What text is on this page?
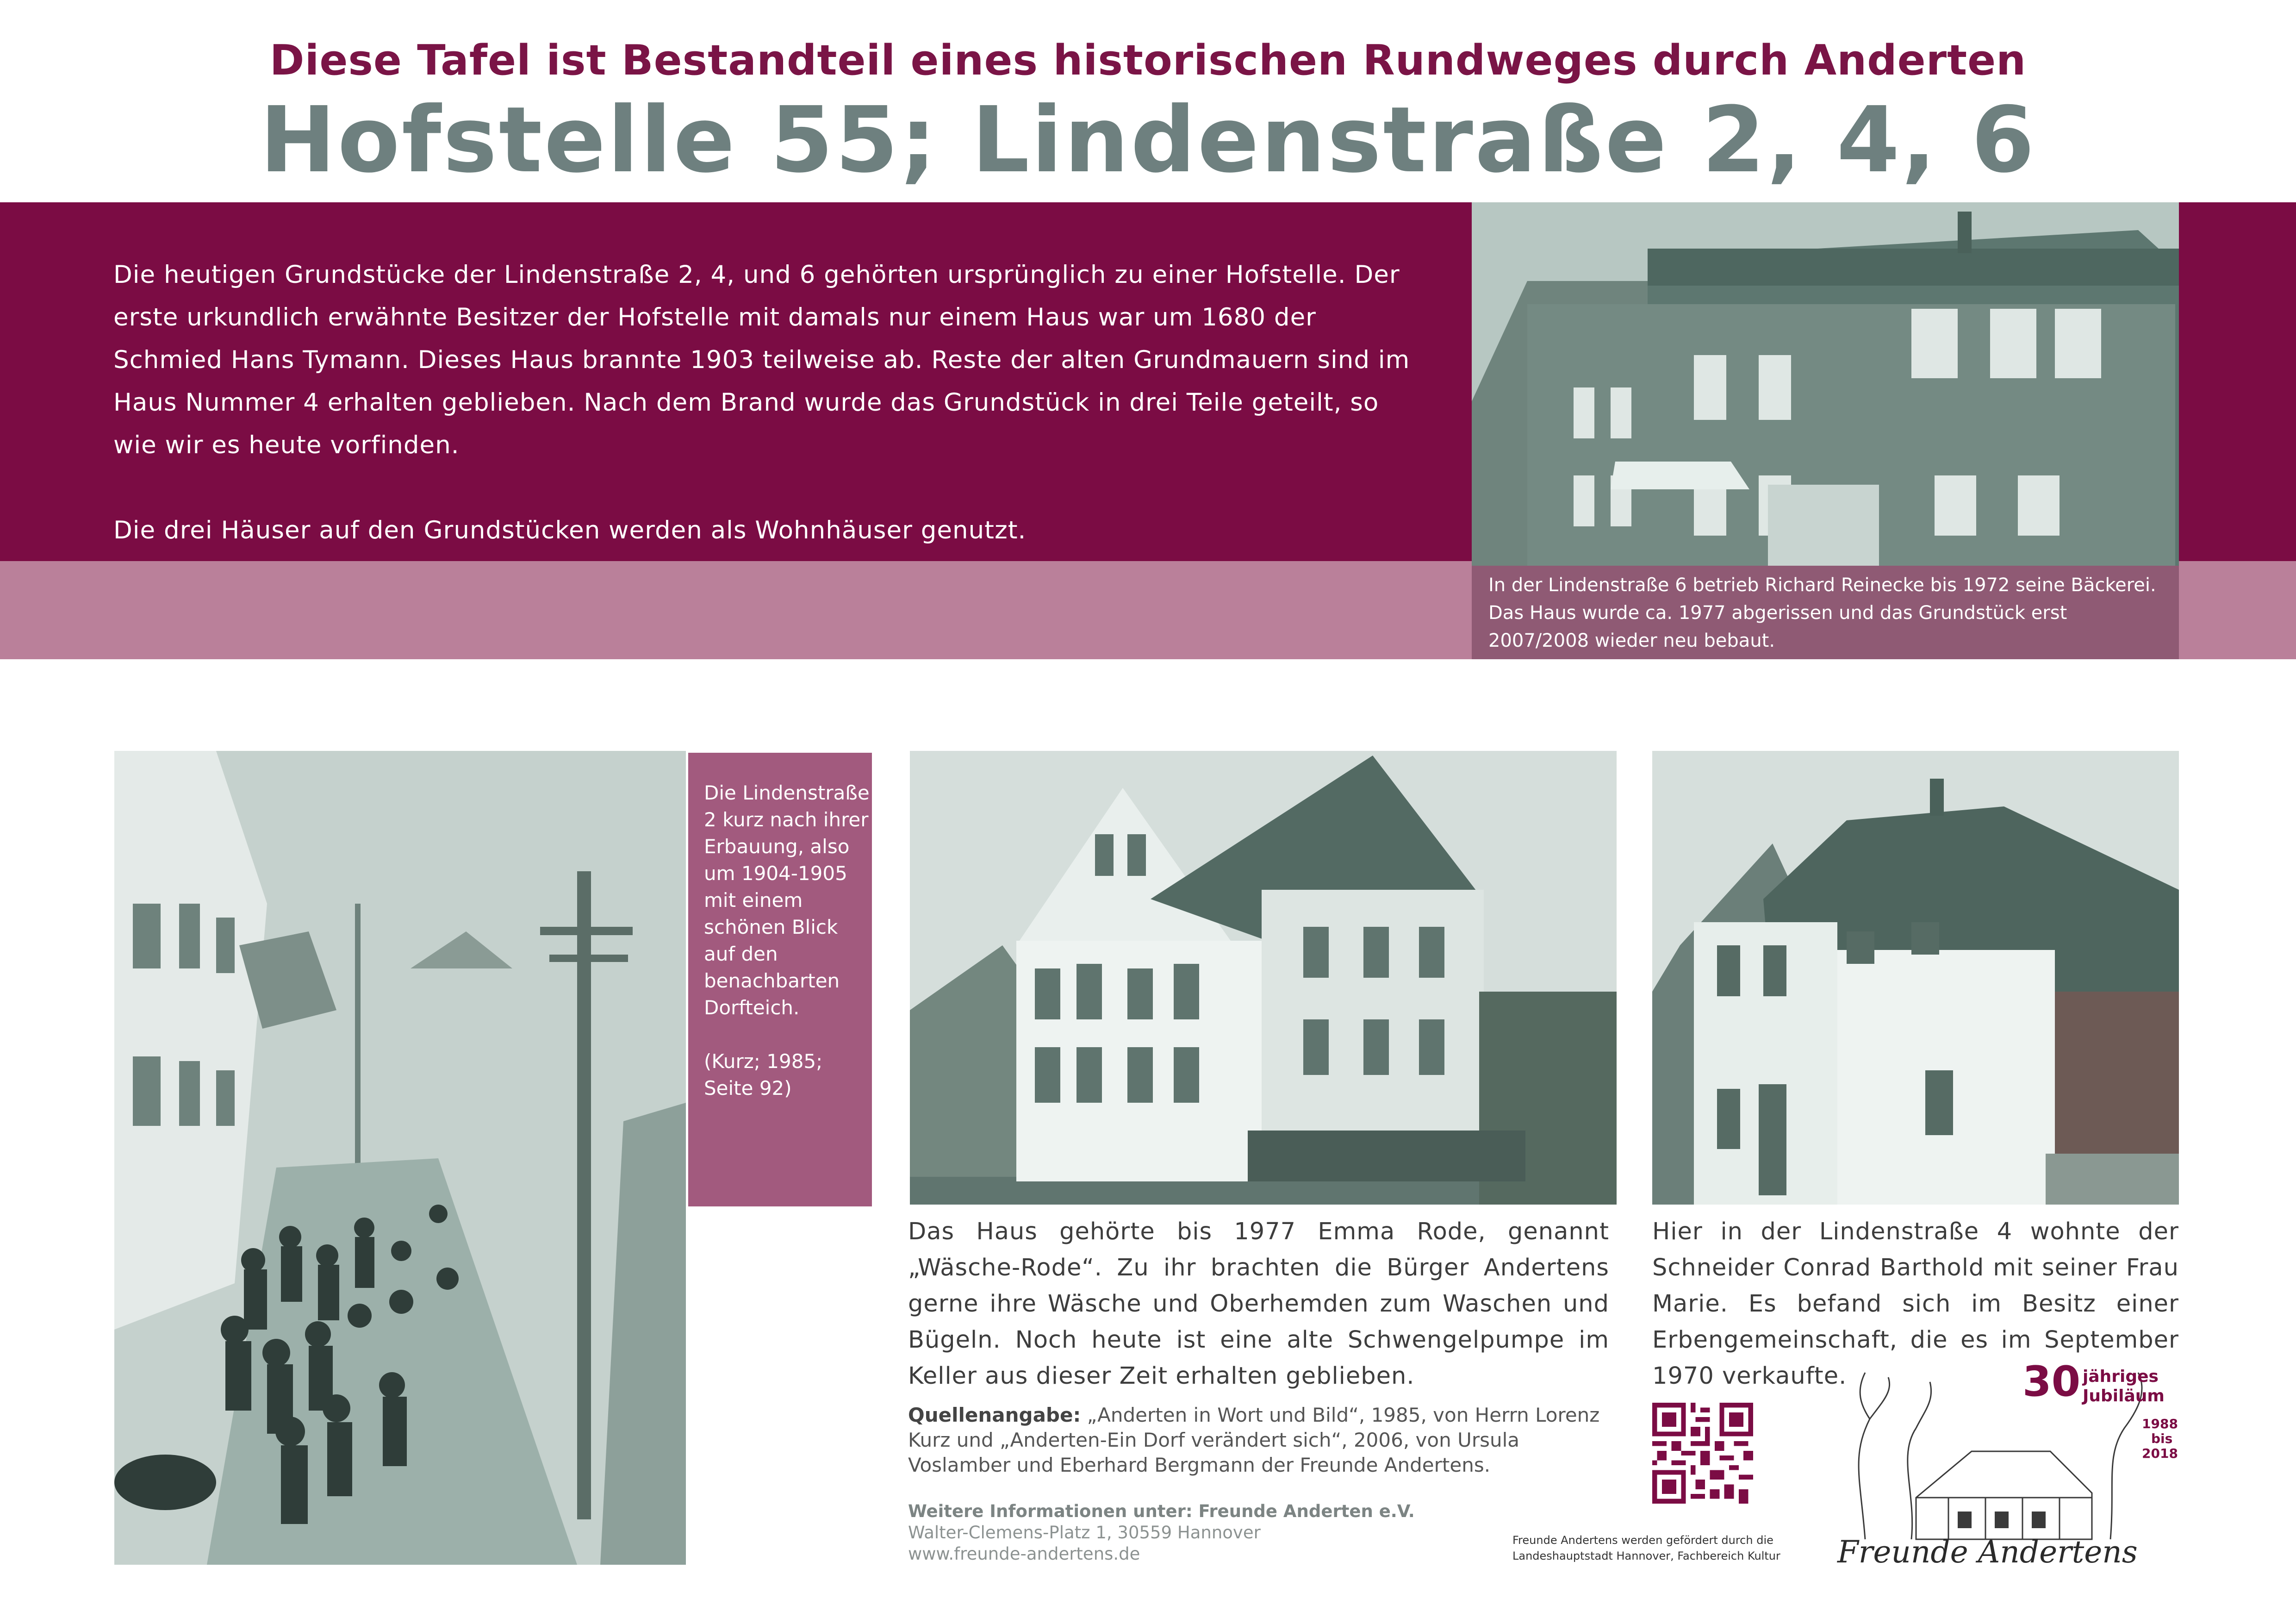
Diese Tafel ist Bestandteil eines historischen Rundweges durch Anderten
Hofstelle 55; Lindenstraße 2, 4, 6

Die heutigen Grundstücke der Lindenstraße 2, 4, und 6 gehörten ursprünglich zu einer Hofstelle. Der erste urkundlich erwähnte Besitzer der Hofstelle mit damals nur einem Haus war um 1680 der Schmied Hans Tymann. Dieses Haus brannte 1903 teilweise ab. Reste der alten Grundmauern sind im Haus Nummer 4 erhalten geblieben. Nach dem Brand wurde das Grundstück in drei Teile geteilt, so wie wir es heute vorfinden.

Die drei Häuser auf den Grundstücken werden als Wohnhäuser genutzt.

In der Lindenstraße 6 betrieb Richard Reinecke bis 1972 seine Bäckerei. Das Haus wurde ca. 1977 abgerissen und das Grundstück erst 2007/2008 wieder neu bebaut.

Die Lindenstraße 2 kurz nach ihrer Erbauung, also um 1904-1905 mit einem schönen Blick auf den benachbarten Dorfteich.

(Kurz; 1985; Seite 92)

Das Haus gehörte bis 1977 Emma Rode, genannt „Wäsche-Rode“. Zu ihr brachten die Bürger Andertens gerne ihre Wäsche und Oberhemden zum Waschen und Bügeln. Noch heute ist eine alte Schwengelpumpe im Keller aus dieser Zeit erhalten geblieben.
Hier in der Lindenstraße 4 wohnte der Schneider Conrad Barthold mit seiner Frau Marie. Es befand sich im Besitz einer Erbengemeinschaft, die es im September 1970 verkaufte.
Quellenangabe: „Anderten in Wort und Bild“, 1985, von Herrn Lorenz Kurz und „Anderten-Ein Dorf verändert sich“, 2006, von Ursula Voslamber und Eberhard Bergmann der Freunde Andertens.
Weitere Informationen unter: Freunde Anderten e.V.
Walter-Clemens-Platz 1, 30559 Hannover
www.freunde-andertens.de
Freunde Andertens werden gefördert durch die
Landeshauptstadt Hannover, Fachbereich Kultur
30 jähriges
Jubiläum
1988
bis
2018
Freunde Andertens
